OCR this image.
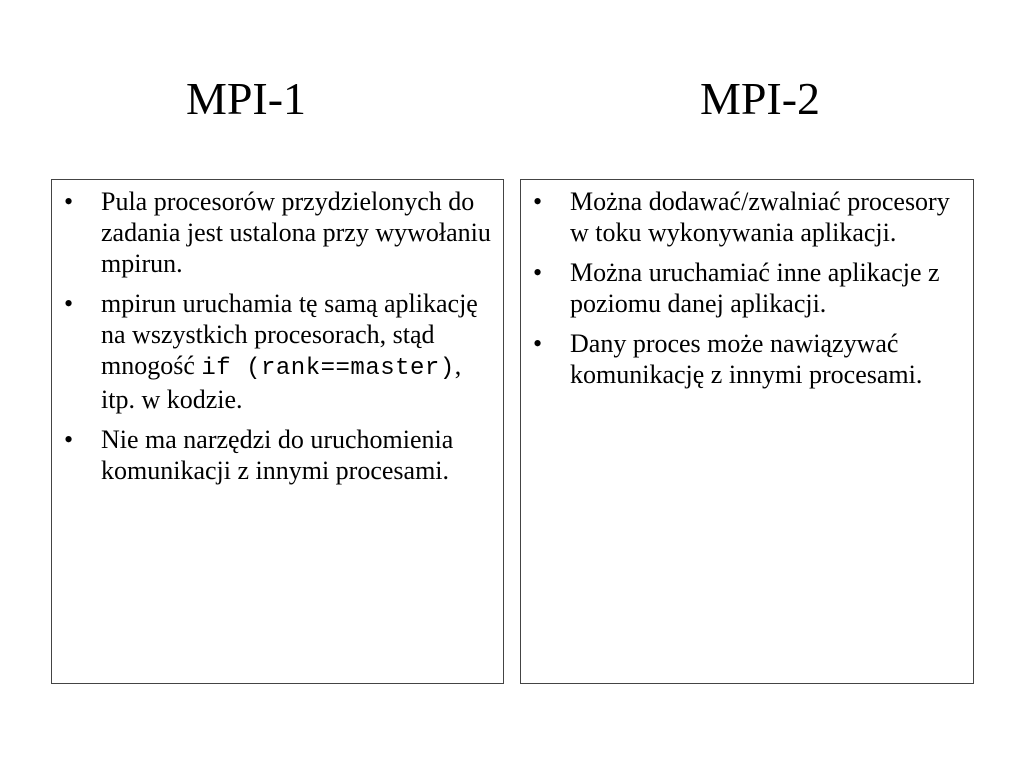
MPI-1	MPI-2
• Pula procesorów przydzielonych do zadania jest ustalona przy wywołaniu mpirun.
• mpirun uruchamia tę samą aplikację na wszystkich procesorach, stąd mnogość if (rank==master), itp. w kodzie.
• Nie ma narzędzi do uruchomienia komunikacji z innymi procesami.
• Można dodawać/zwalniać procesory w toku wykonywania aplikacji.
• Można uruchamiać inne aplikacje z poziomu danej aplikacji.
• Dany proces może nawiązywać komunikację z innymi procesami.
